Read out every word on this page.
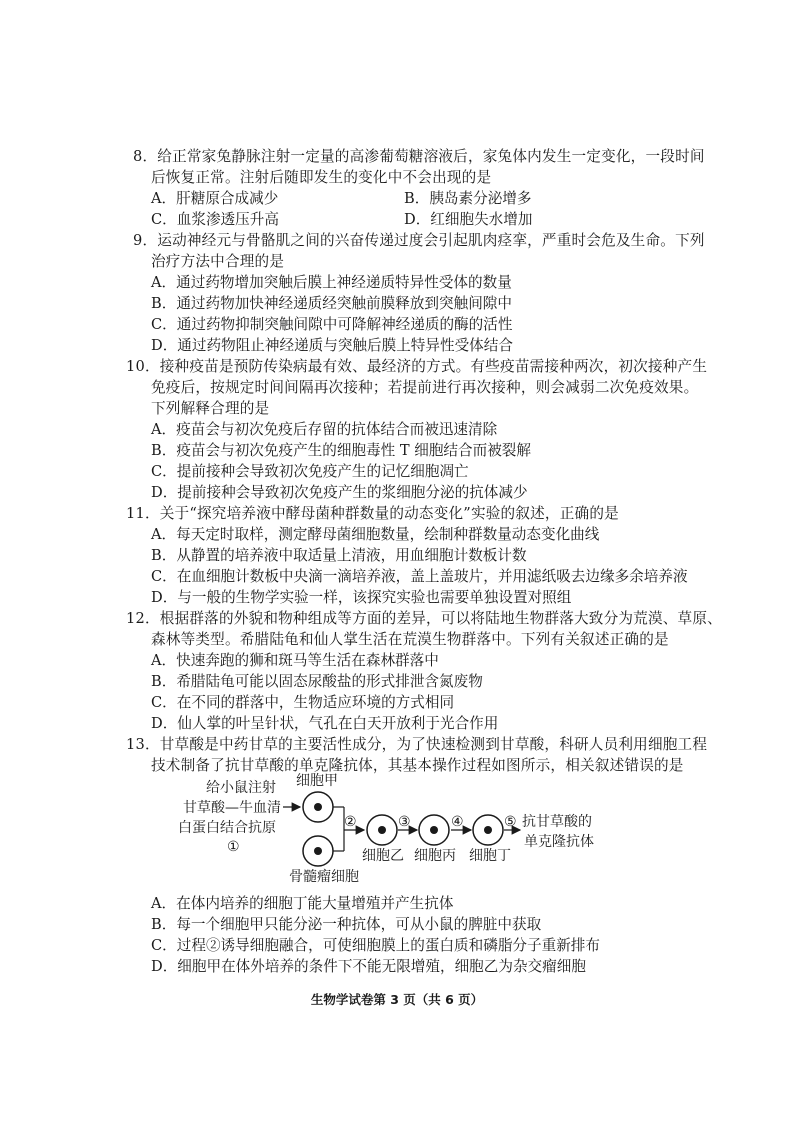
8．给正常家兔静脉注射一定量的高渗葡萄糖溶液后，家兔体内发生一定变化，一段时间
后恢复正常。注射后随即发生的变化中不会出现的是
A．肝糖原合成减少	B．胰岛素分泌增多
C．血浆渗透压升高	D．红细胞失水增加
9．运动神经元与骨骼肌之间的兴奋传递过度会引起肌肉痉挛，严重时会危及生命。下列
治疗方法中合理的是
A．通过药物增加突触后膜上神经递质特异性受体的数量
B．通过药物加快神经递质经突触前膜释放到突触间隙中
C．通过药物抑制突触间隙中可降解神经递质的酶的活性
D．通过药物阻止神经递质与突触后膜上特异性受体结合
10．接种疫苗是预防传染病最有效、最经济的方式。有些疫苗需接种两次，初次接种产生
免疫后，按规定时间间隔再次接种；若提前进行再次接种，则会减弱二次免疫效果。
下列解释合理的是
A．疫苗会与初次免疫后存留的抗体结合而被迅速清除
B．疫苗会与初次免疫产生的细胞毒性 T 细胞结合而被裂解
C．提前接种会导致初次免疫产生的记忆细胞凋亡
D．提前接种会导致初次免疫产生的浆细胞分泌的抗体减少
11．关于“探究培养液中酵母菌种群数量的动态变化”实验的叙述，正确的是
A．每天定时取样，测定酵母菌细胞数量，绘制种群数量动态变化曲线
B．从静置的培养液中取适量上清液，用血细胞计数板计数
C．在血细胞计数板中央滴一滴培养液，盖上盖玻片，并用滤纸吸去边缘多余培养液
D．与一般的生物学实验一样，该探究实验也需要单独设置对照组
12．根据群落的外貌和物种组成等方面的差异，可以将陆地生物群落大致分为荒漠、草原、
森林等类型。希腊陆龟和仙人掌生活在荒漠生物群落中。下列有关叙述正确的是
A．快速奔跑的狮和斑马等生活在森林群落中
B．希腊陆龟可能以固态尿酸盐的形式排泄含氮废物
C．在不同的群落中，生物适应环境的方式相同
D．仙人掌的叶呈针状，气孔在白天开放利于光合作用
13．甘草酸是中药甘草的主要活性成分，为了快速检测到甘草酸，科研人员利用细胞工程
技术制备了抗甘草酸的单克隆抗体，其基本操作过程如图所示，相关叙述错误的是
给小鼠注射
甘草酸—牛血清
白蛋白结合抗原
①
细胞甲
骨髓瘤细胞
②
细胞乙
③
细胞丙
④
细胞丁
⑤ 抗甘草酸的
单克隆抗体
A．在体内培养的细胞丁能大量增殖并产生抗体
B．每一个细胞甲只能分泌一种抗体，可从小鼠的脾脏中获取
C．过程②诱导细胞融合，可使细胞膜上的蛋白质和磷脂分子重新排布
D．细胞甲在体外培养的条件下不能无限增殖，细胞乙为杂交瘤细胞
生物学试卷第 3 页（共 6 页）
